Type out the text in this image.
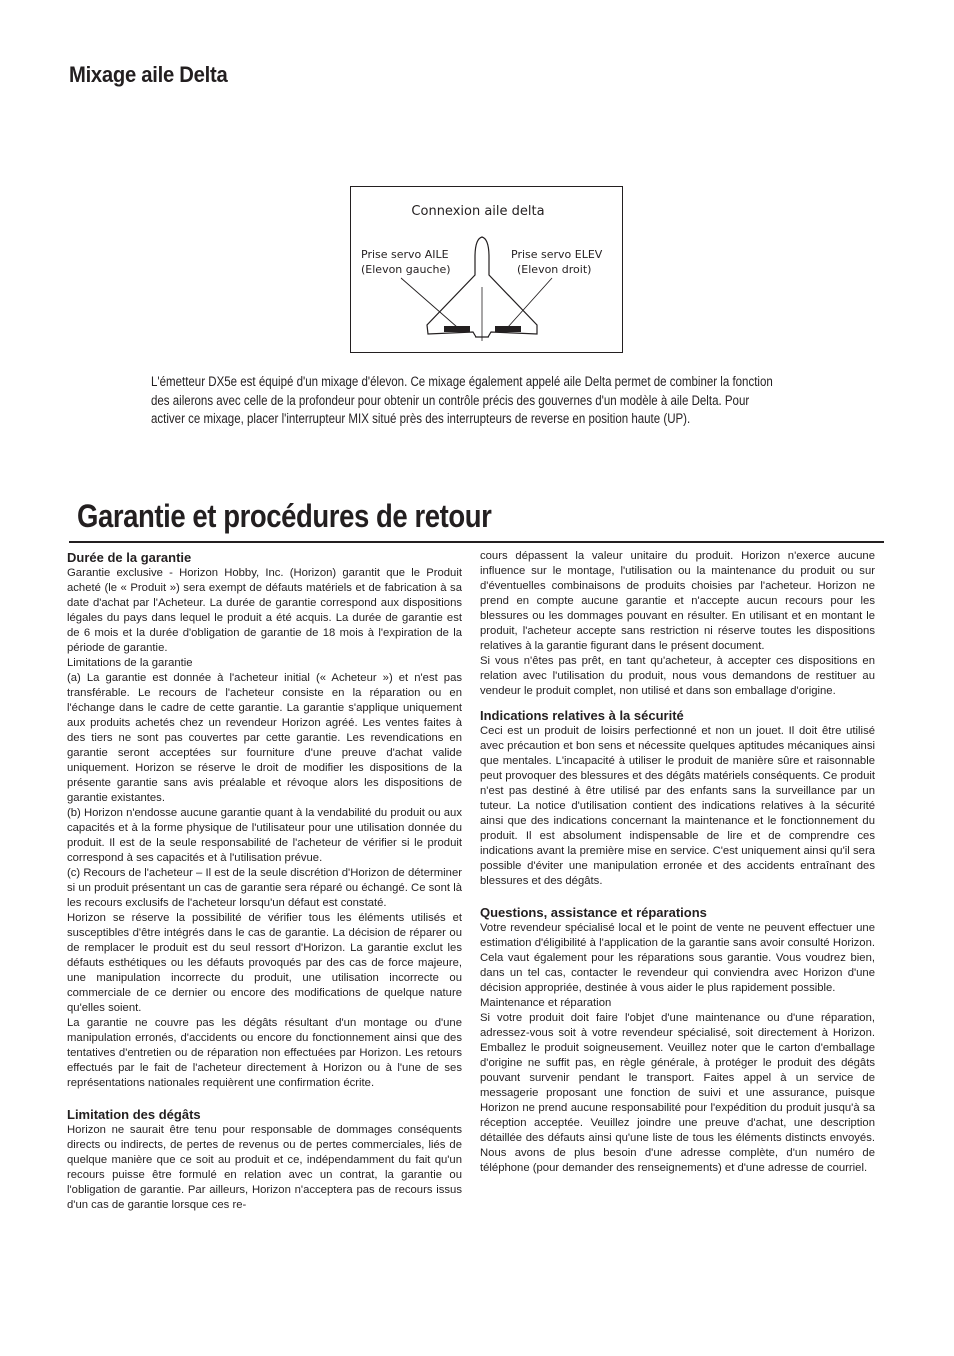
Mixage aile Delta
Connexion aile delta
Prise servo AILE
(Elevon gauche)
Prise servo ELEV
(Elevon droit)

L'émetteur DX5e est équipé d'un mixage d'élevon. Ce mixage également appelé aile Delta permet de combiner la fonction
des ailerons avec celle de la profondeur pour obtenir un contrôle précis des gouvernes d'un modèle à aile Delta. Pour
activer ce mixage, placer l'interrupteur MIX situé près des interrupteurs de reverse en position haute (UP).

Garantie et procédures de retour
Durée de la garantie

Garantie exclusive - Horizon Hobby, Inc. (Horizon) garantit que le Produit acheté (le « Produit ») sera exempt de défauts matériels et de fabrication à sa date d'achat par l'Acheteur. La durée de garantie correspond aux dispositions légales du pays dans lequel le produit a été acquis. La durée de garantie est de 6 mois et la durée d'obligation de garantie de 18 mois à l'expiration de la période de garantie.

Limitations de la garantie

(a) La garantie est donnée à l'acheteur initial (« Acheteur ») et n'est pas transférable. Le recours de l'acheteur consiste en la réparation ou en l'échange dans le cadre de cette garantie. La garantie s'applique uniquement aux produits achetés chez un revendeur Horizon agréé. Les ventes faites à des tiers ne sont pas couvertes par cette garantie. Les revendications en garantie seront acceptées sur fourniture d'une preuve d'achat valide uniquement. Horizon se réserve le droit de modifier les dispositions de la présente garantie sans avis préalable et révoque alors les dispositions de garantie existantes.

(b) Horizon n'endosse aucune garantie quant à la vendabilité du produit ou aux capacités et à la forme physique de l'utilisateur pour une utilisation donnée du produit. Il est de la seule responsabilité de l'acheteur de vérifier si le produit correspond à ses capacités et à l'utilisation prévue.

(c) Recours de l'acheteur – Il est de la seule discrétion d'Horizon de déterminer si un produit présentant un cas de garantie sera réparé ou échangé. Ce sont là les recours exclusifs de l'acheteur lorsqu'un défaut est constaté.

Horizon se réserve la possibilité de vérifier tous les éléments utilisés et susceptibles d'être intégrés dans le cas de garantie. La décision de réparer ou de remplacer le produit est du seul ressort d'Horizon. La garantie exclut les défauts esthétiques ou les défauts provoqués par des cas de force majeure, une manipulation incorrecte du produit, une utilisation incorrecte ou commerciale de ce dernier ou encore des modifications de quelque nature qu'elles soient.

La garantie ne couvre pas les dégâts résultant d'un montage ou d'une manipulation erronés, d'accidents ou encore du fonctionnement ainsi que des tentatives d'entretien ou de réparation non effectuées par Horizon. Les retours effectués par le fait de l'acheteur directement à Horizon ou à l'une de ses représentations nationales requièrent une confirmation écrite.

Limitation des dégâts

Horizon ne saurait être tenu pour responsable de dommages conséquents directs ou indirects, de pertes de revenus ou de pertes commerciales, liés de quelque manière que ce soit au produit et ce, indépendamment du fait qu'un recours puisse être formulé en relation avec un contrat, la garantie ou l'obligation de garantie. Par ailleurs, Horizon n'acceptera pas de recours issus d'un cas de garantie lorsque ces re-

cours dépassent la valeur unitaire du produit. Horizon n'exerce aucune influence sur le montage, l'utilisation ou la maintenance du produit ou sur d'éventuelles combinaisons de produits choisies par l'acheteur. Horizon ne prend en compte aucune garantie et n'accepte aucun recours pour les blessures ou les dommages pouvant en résulter. En utilisant et en montant le produit, l'acheteur accepte sans restriction ni réserve toutes les dispositions relatives à la garantie figurant dans le présent document.

Si vous n'êtes pas prêt, en tant qu'acheteur, à accepter ces dispositions en relation avec l'utilisation du produit, nous vous demandons de restituer au vendeur le produit complet, non utilisé et dans son emballage d'origine.

Indications relatives à la sécurité

Ceci est un produit de loisirs perfectionné et non un jouet. Il doit être utilisé avec précaution et bon sens et nécessite quelques aptitudes mécaniques ainsi que mentales. L'incapacité à utiliser le produit de manière sûre et raisonnable peut provoquer des blessures et des dégâts matériels conséquents. Ce produit n'est pas destiné à être utilisé par des enfants sans la surveillance par un tuteur. La notice d'utilisation contient des indications relatives à la sécurité ainsi que des indications concernant la maintenance et le fonctionnement du produit. Il est absolument indispensable de lire et de comprendre ces indications avant la première mise en service. C'est uniquement ainsi qu'il sera possible d'éviter une manipulation erronée et des accidents entraînant des blessures et des dégâts.

Questions, assistance et réparations

Votre revendeur spécialisé local et le point de vente ne peuvent effectuer une estimation d'éligibilité à l'application de la garantie sans avoir consulté Horizon. Cela vaut également pour les réparations sous garantie. Vous voudrez bien, dans un tel cas, contacter le revendeur qui conviendra avec Horizon d'une décision appropriée, destinée à vous aider le plus rapidement possible.

Maintenance et réparation

Si votre produit doit faire l'objet d'une maintenance ou d'une réparation, adressez-vous soit à votre revendeur spécialisé, soit directement à Horizon. Emballez le produit soigneusement. Veuillez noter que le carton d'emballage d'origine ne suffit pas, en règle générale, à protéger le produit des dégâts pouvant survenir pendant le transport. Faites appel à un service de messagerie proposant une fonction de suivi et une assurance, puisque Horizon ne prend aucune responsabilité pour l'expédition du produit jusqu'à sa réception acceptée. Veuillez joindre une preuve d'achat, une description détaillée des défauts ainsi qu'une liste de tous les éléments distincts envoyés. Nous avons de plus besoin d'une adresse complète, d'un numéro de téléphone (pour demander des renseignements) et d'une adresse de courriel.
